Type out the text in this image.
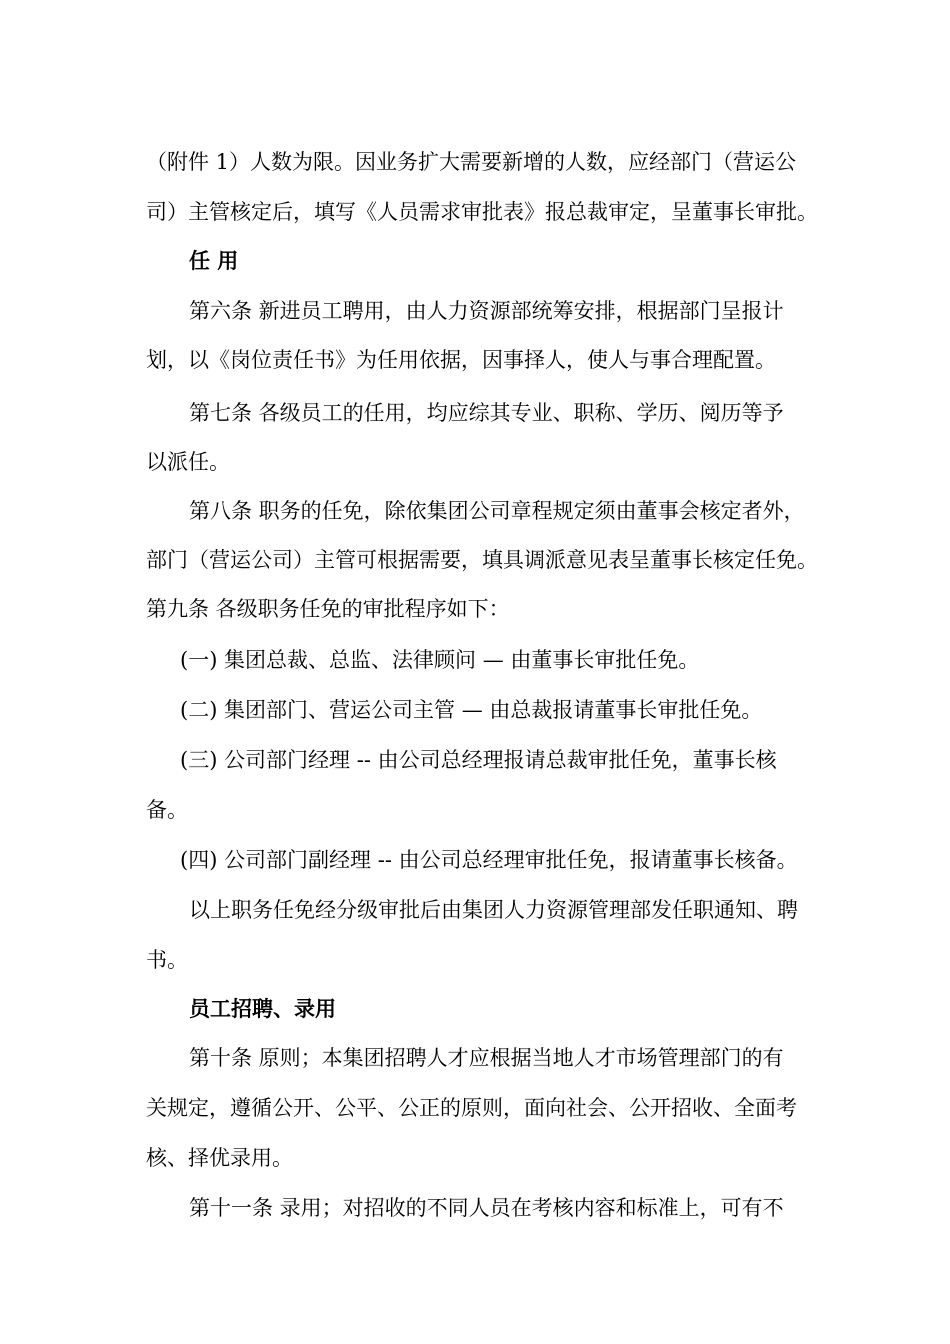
（附件 1）人数为限。因业务扩大需要新增的人数，应经部门（营运公
司）主管核定后，填写《人员需求审批表》报总裁审定，呈董事长审批。
任 用
第六条 新进员工聘用，由人力资源部统筹安排，根据部门呈报计
划，以《岗位责任书》为任用依据，因事择人，使人与事合理配置。
第七条 各级员工的任用，均应综其专业、职称、学历、阅历等予
以派任。
第八条 职务的任免，除依集团公司章程规定须由董事会核定者外，
部门（营运公司）主管可根据需要，填具调派意见表呈董事长核定任免。
第九条 各级职务任免的审批程序如下：
(一) 集团总裁、总监、法律顾问 — 由董事长审批任免。
(二) 集团部门、营运公司主管 — 由总裁报请董事长审批任免。
(三) 公司部门经理 -- 由公司总经理报请总裁审批任免，董事长核
备。
(四) 公司部门副经理 -- 由公司总经理审批任免，报请董事长核备。
以上职务任免经分级审批后由集团人力资源管理部发任职通知、聘
书。
员工招聘、录用
第十条 原则；本集团招聘人才应根据当地人才市场管理部门的有
关规定，遵循公开、公平、公正的原则，面向社会、公开招收、全面考
核、择优录用。
第十一条 录用；对招收的不同人员在考核内容和标准上，可有不
